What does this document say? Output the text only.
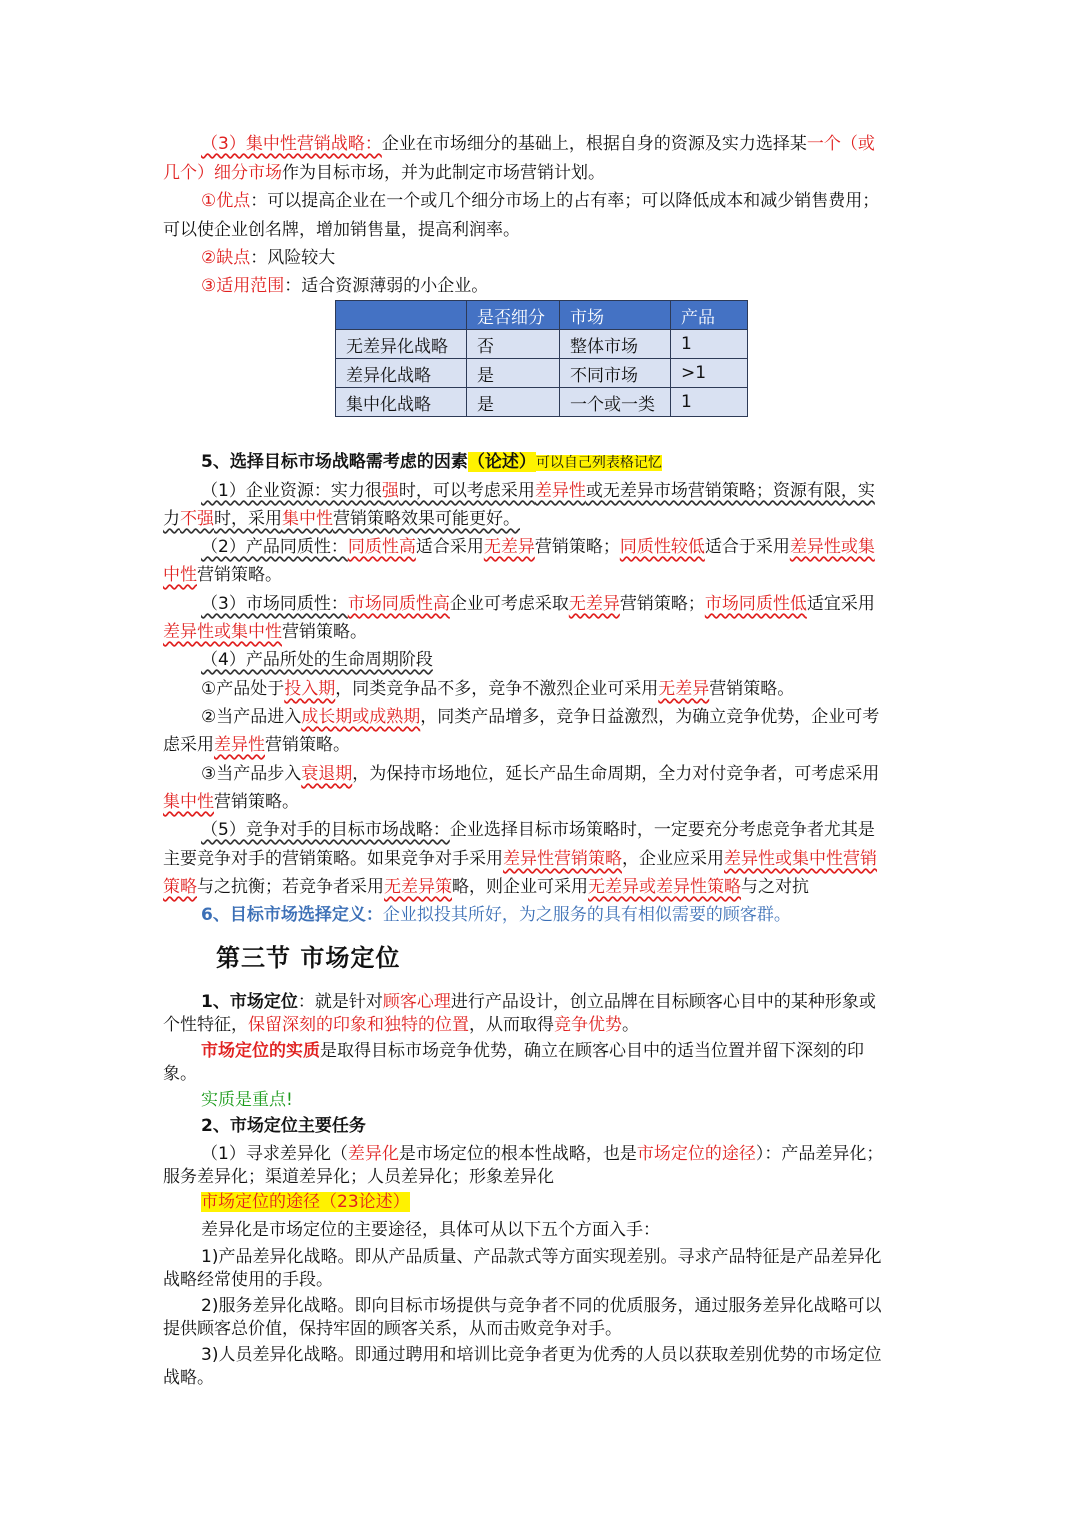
（3）集中性营销战略：企业在市场细分的基础上，根据自身的资源及实力选择某一个（或
几个）细分市场作为目标市场，并为此制定市场营销计划。
①优点：可以提高企业在一个或几个细分市场上的占有率；可以降低成本和减少销售费用；
可以使企业创名牌，增加销售量，提高利润率。
②缺点：风险较大
③适用范围：适合资源薄弱的小企业。
	是否细分	市场	产品
无差异化战略	否	整体市场	1
差异化战略	是	不同市场	>1
集中化战略	是	一个或一类	1
5、选择目标市场战略需考虑的因素（论述）可以自己列表格记忆
（1）企业资源：实力很强时，可以考虑采用差异性或无差异市场营销策略；资源有限，实
力不强时，采用集中性营销策略效果可能更好。
（2）产品同质性：同质性高适合采用无差异营销策略；同质性较低适合于采用差异性或集
中性营销策略。
（3）市场同质性：市场同质性高企业可考虑采取无差异营销策略；市场同质性低适宜采用
差异性或集中性营销策略。
（4）产品所处的生命周期阶段
①产品处于投入期，同类竞争品不多，竞争不激烈企业可采用无差异营销策略。
②当产品进入成长期或成熟期，同类产品增多，竞争日益激烈，为确立竞争优势，企业可考
虑采用差异性营销策略。
③当产品步入衰退期，为保持市场地位，延长产品生命周期，全力对付竞争者，可考虑采用
集中性营销策略。
（5）竞争对手的目标市场战略：企业选择目标市场策略时，一定要充分考虑竞争者尤其是
主要竞争对手的营销策略。如果竞争对手采用差异性营销策略，企业应采用差异性或集中性营销
策略与之抗衡；若竞争者采用无差异策略，则企业可采用无差异或差异性策略与之对抗
6、目标市场选择定义：企业拟投其所好，为之服务的具有相似需要的顾客群。
第三节 市场定位
1、市场定位：就是针对顾客心理进行产品设计，创立品牌在目标顾客心目中的某种形象或
个性特征，保留深刻的印象和独特的位置，从而取得竞争优势。
市场定位的实质是取得目标市场竞争优势，确立在顾客心目中的适当位置并留下深刻的印
象。
实质是重点!
2、市场定位主要任务
（1）寻求差异化（差异化是市场定位的根本性战略，也是市场定位的途径）：产品差异化；
服务差异化；渠道差异化；人员差异化；形象差异化
市场定位的途径（23论述）
差异化是市场定位的主要途径，具体可从以下五个方面入手：
1)产品差异化战略。即从产品质量、产品款式等方面实现差别。寻求产品特征是产品差异化
战略经常使用的手段。
2)服务差异化战略。即向目标市场提供与竞争者不同的优质服务，通过服务差异化战略可以
提供顾客总价值，保持牢固的顾客关系，从而击败竞争对手。
3)人员差异化战略。即通过聘用和培训比竞争者更为优秀的人员以获取差别优势的市场定位
战略。
